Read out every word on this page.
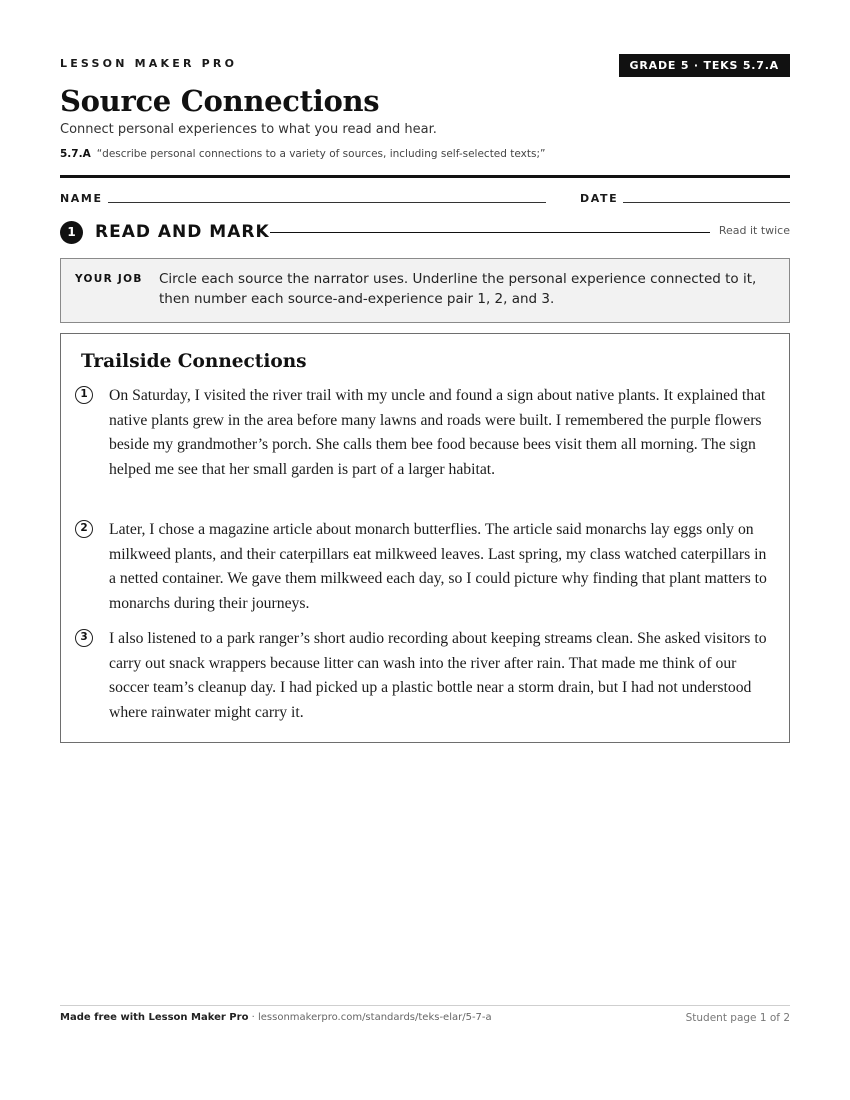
LESSON MAKER PRO	GRADE 5 · TEKS 5.7.A
Source Connections
Connect personal experiences to what you read and hear.
5.7.A “describe personal connections to a variety of sources, including self-selected texts;”
NAME	DATE
1	READ AND MARK	Read it twice
YOUR JOB Circle each source the narrator uses. Underline the personal experience connected to it, then number each source-and-experience pair 1, 2, and 3.
Trailside Connections
1	On Saturday, I visited the river trail with my uncle and found a sign about native plants. It explained that native plants grew in the area before many lawns and roads were built. I remembered the purple flowers beside my grandmother’s porch. She calls them bee food because bees visit them all morning. The sign helped me see that her small garden is part of a larger habitat.
2	Later, I chose a magazine article about monarch butterflies. The article said monarchs lay eggs only on milkweed plants, and their caterpillars eat milkweed leaves. Last spring, my class watched caterpillars in a netted container. We gave them milkweed each day, so I could picture why finding that plant matters to monarchs during their journeys.
3	I also listened to a park ranger’s short audio recording about keeping streams clean. She asked visitors to carry out snack wrappers because litter can wash into the river after rain. That made me think of our soccer team’s cleanup day. I had picked up a plastic bottle near a storm drain, but I had not understood where rainwater might carry it.
Made free with Lesson Maker Pro · lessonmakerpro.com/standards/teks-elar/5-7-a	Student page 1 of 2
